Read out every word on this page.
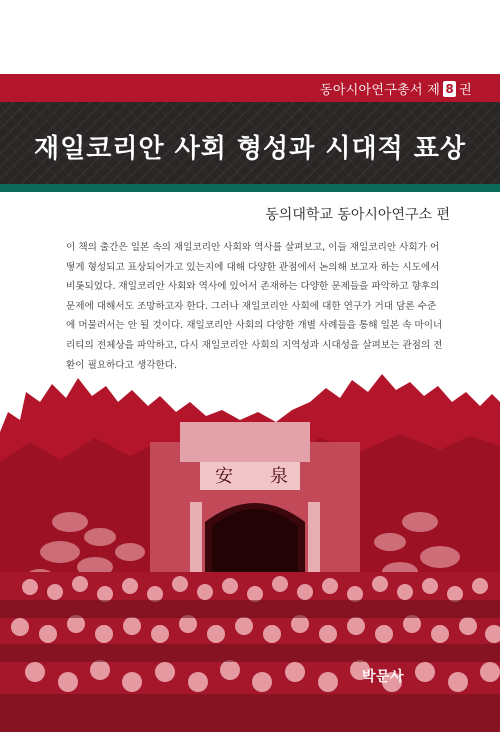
동아시아연구총서 제 8 권
재일코리안 사회 형성과 시대적 표상
동의대학교 동아시아연구소 편
이 책의 출간은 일본 속의 재일코리안 사회와 역사를 살펴보고, 이들 재일코리안 사회가 어
떻게 형성되고 표상되어가고 있는지에 대해 다양한 관점에서 논의해 보고자 하는 시도에서
비롯되었다. 재일코리안 사회와 역사에 있어서 존재하는 다양한 문제들을 파악하고 향후의
문제에 대해서도 조망하고자 한다. 그러나 재일코리안 사회에 대한 연구가 거대 담론 수준
에 머물러서는 안 될 것이다. 재일코리안 사회의 다양한 개별 사례들을 통해 일본 속 마이너
리티의 전체상을 파악하고, 다시 재일코리안 사회의 지역성과 시대성을 살펴보는 관점의 전
환이 필요하다고 생각한다.
安 泉
박문사
